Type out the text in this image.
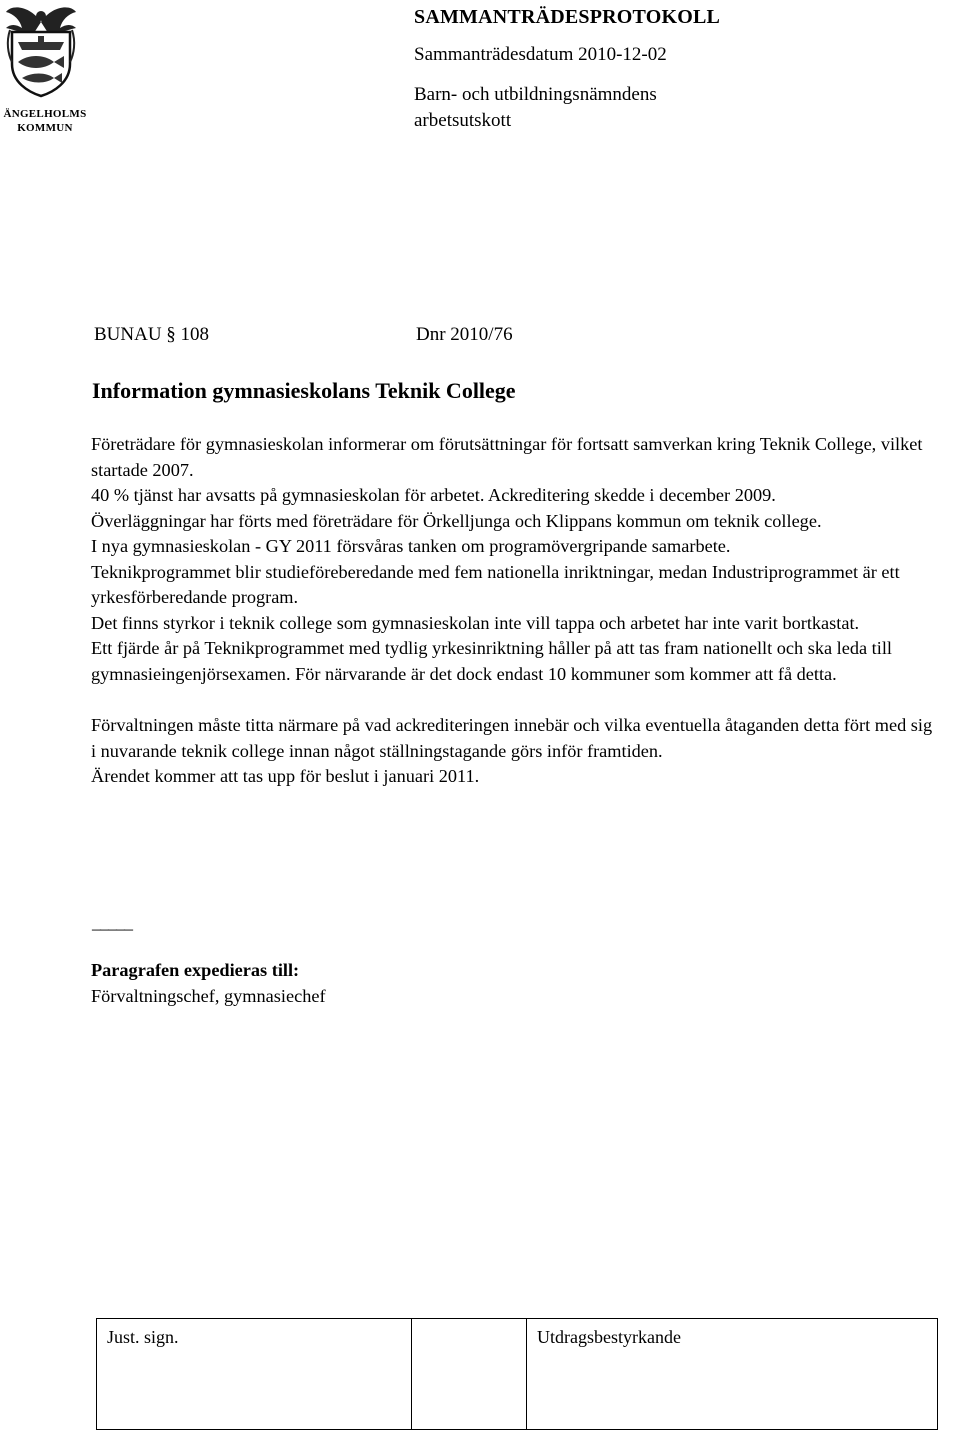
ÄNGELHOLMS
KOMMUN
SAMMANTRÄDESPROTOKOLL
Sammanträdesdatum 2010-12-02
Barn- och utbildningsnämndens
arbetsutskott
BUNAU § 108	Dnr 2010/76
Information gymnasieskolans Teknik College

Företrädare för gymnasieskolan informerar om förutsättningar för fortsatt samverkan kring Teknik College, vilket startade 2007.

40 % tjänst har avsatts på gymnasieskolan för arbetet. Ackreditering skedde i december 2009.

Överläggningar har förts med företrädare för Örkelljunga och Klippans kommun om teknik college.

I nya gymnasieskolan - GY 2011 försvåras tanken om programövergripande samarbete.

Teknikprogrammet blir studieföreberedande med fem nationella inriktningar, medan Industriprogrammet är ett yrkesförberedande program.

Det finns styrkor i teknik college som gymnasieskolan inte vill tappa och arbetet har inte varit bortkastat.

Ett fjärde år på Teknikprogrammet med tydlig yrkesinriktning håller på att tas fram nationellt och ska leda till gymnasieingenjörsexamen. För närvarande är det dock endast 10 kommuner som kommer att få detta.

Förvaltningen måste titta närmare på vad ackrediteringen innebär och vilka eventuella åtaganden detta fört med sig i nuvarande teknik college innan något ställningstagande görs inför framtiden.

Ärendet kommer att tas upp för beslut i januari 2011.

_____
Paragrafen expedieras till:
Förvaltningschef, gymnasiechef
Just. sign.	Utdragsbestyrkande
